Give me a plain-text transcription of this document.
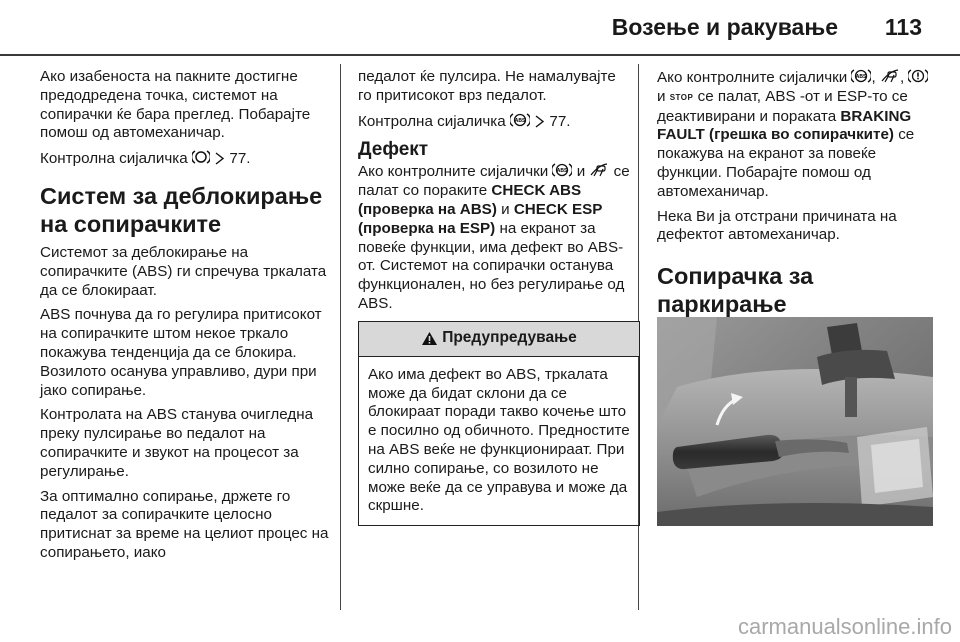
Возење и ракување 113

Ако изабеноста на пакните достигне предодредена точка, системот на сопирачки ќе бара преглед. Побарајте помош од автомеханичар.

Контролна сијаличка
	77.

Систем за деблокирање на сопирачките

Системот за деблокирање на сопирачките (ABS) ги спречува тркалата да се блокираат.

ABS почнува да го регулира притисокот на сопирачките штом некое тркало покажува тенденција да се блокира. Возилото осанува управливо, дури при јако сопирање.

Контролата на ABS станува очигледна преку пулсирање во педалот на сопирачките и звукот на процесот за регулирање.

За оптимално сопирање, држете го педалот за сопирачките целосно притиснат за време на целиот процес на сопирањето, иако

педалот ќе пулсира. Не намалувајте го притисокот врз педалот.

Контролна сијаличка ABS
77.

Дефект

Ако контролните сијалички ABS и се палат со пораките CHECK ABS (проверка на ABS) и CHECK ESP (проверка на ESP) на екранот за повеќе функции, има дефект во ABS-от. Системот на сопирачки останува функционален, но без регулирање од ABS.

Предупредување
Ако има дефект во ABS, тркалата може да бидат склони да се блокираат поради такво кочење што е посилно од обичното. Предностите на ABS веќе не функционираат. При силно сопирање, со возилото не може веќе да се управува и може да скршне.

Ако контролните сијалички ABS ,
,
и STOP се палат, ABS -от и ESP-то се деактивирани и пораката BRAKING FAULT (грешка во сопирачките) се покажува на екранот за повеќе функции. Побарајте помош од автомеханичар.

Нека Ви ја отстрани причината на дефектот автомеханичар.

Сопирачка за паркирање
carmanualsonline.info
